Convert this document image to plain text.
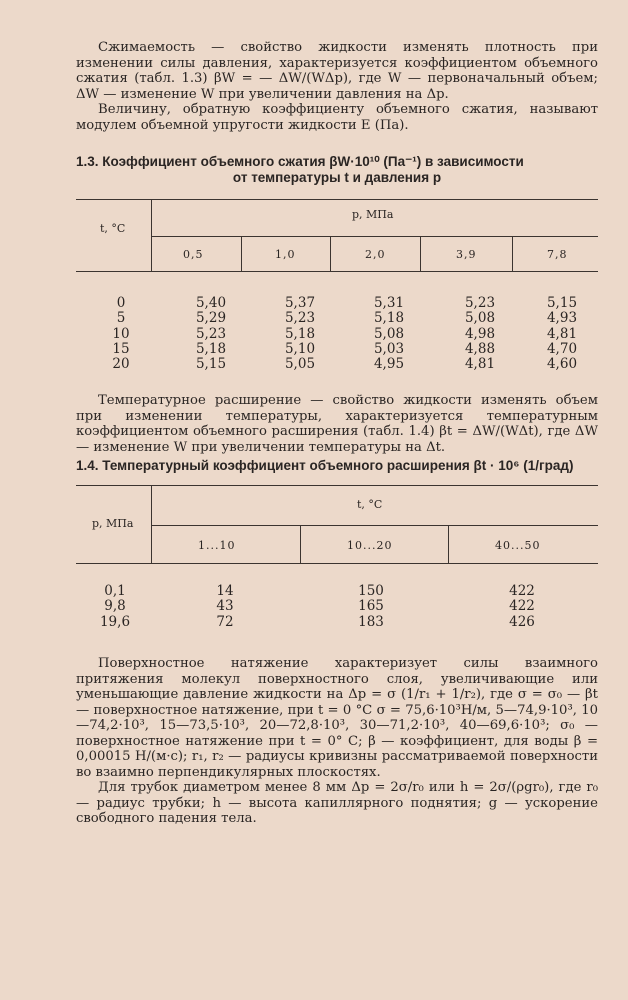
Сжимаемость — свойство жидкости изменять плотность при изменении силы давления, характеризуется коэффициентом объемного сжатия (табл. 1.3) βW = — ΔW/(WΔp), где W — первоначальный объем; ΔW — изменение W при увеличении давления на Δp.

Величину, обратную коэффициенту объемного сжатия, называют модулем объемной упругости жидкости E (Па).

1.3. Коэффициент объемного сжатия βW·10¹⁰ (Па⁻¹) в зависимости
от температуры t и давления p
t, °C
p, МПа
0,5	1,0	2,0	3,9	7,8
0	5,40	5,37	5,31	5,23	5,15
5	5,29	5,23	5,18	5,08	4,93
10	5,23	5,18	5,08	4,98	4,81
15	5,18	5,10	5,03	4,88	4,70
20	5,15	5,05	4,95	4,81	4,60

Температурное расширение — свойство жидкости изменять объем при изменении температуры, характеризуется температурным коэффициентом объемного расширения (табл. 1.4) βt = ΔW/(WΔt), где ΔW — изменение W при увеличении температуры на Δt.

1.4. Температурный коэффициент объемного расширения βt · 10⁶ (1/град)
p, МПа
t, °C
1...10	10...20	40...50
0,1	14	150	422
9,8	43	165	422
19,6	72	183	426

Поверхностное натяжение характеризует силы взаимного притяжения молекул поверхностного слоя, увеличивающие или уменьшающие давление жидкости на Δp = σ (1/r₁ + 1/r₂), где σ = σ₀ — βt — поверхностное натяжение, при t = 0 °C σ = 75,6·10³Н/м, 5—74,9·10³, 10—74,2·10³, 15—73,5·10³, 20—72,8·10³, 30—71,2·10³, 40—69,6·10³; σ₀ — поверхностное натяжение при t = 0° C; β — коэффициент, для воды β = 0,00015 Н/(м·с); r₁, r₂ — радиусы кривизны рассматриваемой поверхности во взаимно перпендикулярных плоскостях.

Для трубок диаметром менее 8 мм Δp = 2σ/r₀ или h = 2σ/(ρgr₀), где r₀ — радиус трубки; h — высота капиллярного поднятия; g — ускорение свободного падения тела.
